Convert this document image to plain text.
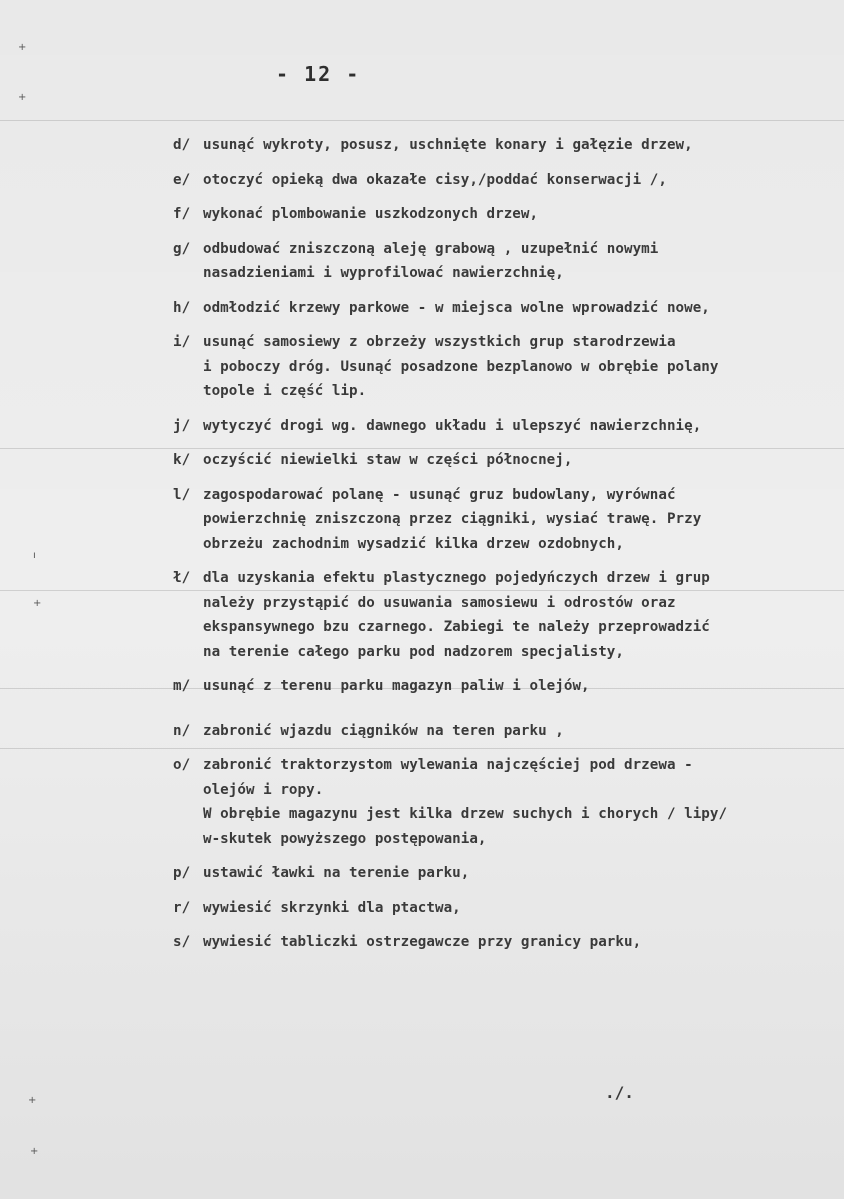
+
+
ı
+
+
+
- 12 -
d/ usunąć wykroty, posusz, uschnięte konary i gałęzie drzew,
e/ otoczyć opieką dwa okazałe cisy,/poddać konserwacji /,
f/ wykonać plombowanie uszkodzonych drzew,
g/ odbudować zniszczoną aleję grabową , uzupełnić nowymi
nasadzieniami i wyprofilować nawierzchnię,
h/ odmłodzić krzewy parkowe - w miejsca wolne wprowadzić nowe,
i/ usunąć samosiewy z obrzeży wszystkich grup starodrzewia
i poboczy dróg. Usunąć posadzone bezplanowo w obrębie polany
topole i część lip.
j/ wytyczyć drogi wg. dawnego układu i ulepszyć nawierzchnię,
k/ oczyścić niewielki staw w części północnej,
l/ zagospodarować polanę - usunąć gruz budowlany, wyrównać
powierzchnię zniszczoną przez ciągniki, wysiać trawę. Przy
obrzeżu zachodnim wysadzić kilka drzew ozdobnych,
ł/ dla uzyskania efektu plastycznego pojedyńczych drzew i grup
należy przystąpić do usuwania samosiewu i odrostów oraz
ekspansywnego bzu czarnego. Zabiegi te należy przeprowadzić
na terenie całego parku pod nadzorem specjalisty,
m/ usunąć z terenu parku magazyn paliw i olejów,
n/ zabronić wjazdu ciągników na teren parku ,
o/ zabronić traktorzystom wylewania najczęściej pod drzewa -
olejów i ropy.
W obrębie magazynu jest kilka drzew suchych i chorych / lipy/
w-skutek powyższego postępowania,
p/ ustawić ławki na terenie parku,
r/ wywiesić skrzynki dla ptactwa,
s/ wywiesić tabliczki ostrzegawcze przy granicy parku,
./.
